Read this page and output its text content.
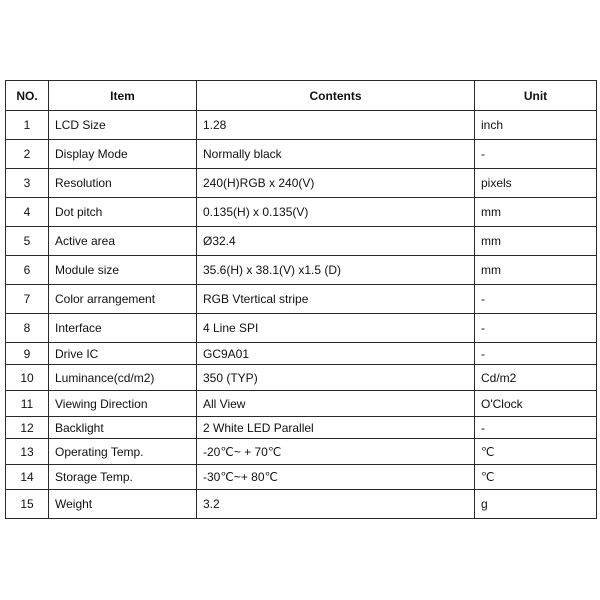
NO.	Item	Contents	Unit
1	LCD Size	1.28	inch
2	Display Mode	Normally black	-
3	Resolution	240(H)RGB x 240(V)	pixels
4	Dot pitch	0.135(H) x 0.135(V)	mm
5	Active area	Ø32.4	mm
6	Module size	35.6(H) x 38.1(V) x1.5 (D)	mm
7	Color arrangement	RGB Vtertical stripe	-
8	Interface	4 Line SPI	-
9	Drive IC	GC9A01	-
10	Luminance(cd/m2)	350 (TYP)	Cd/m2
11	Viewing Direction	All View	O'Clock
12	Backlight	2 White LED Parallel	-
13	Operating Temp.	-20℃~ + 70℃	℃
14	Storage Temp.	-30℃~+ 80℃	℃
15	Weight	3.2	g
